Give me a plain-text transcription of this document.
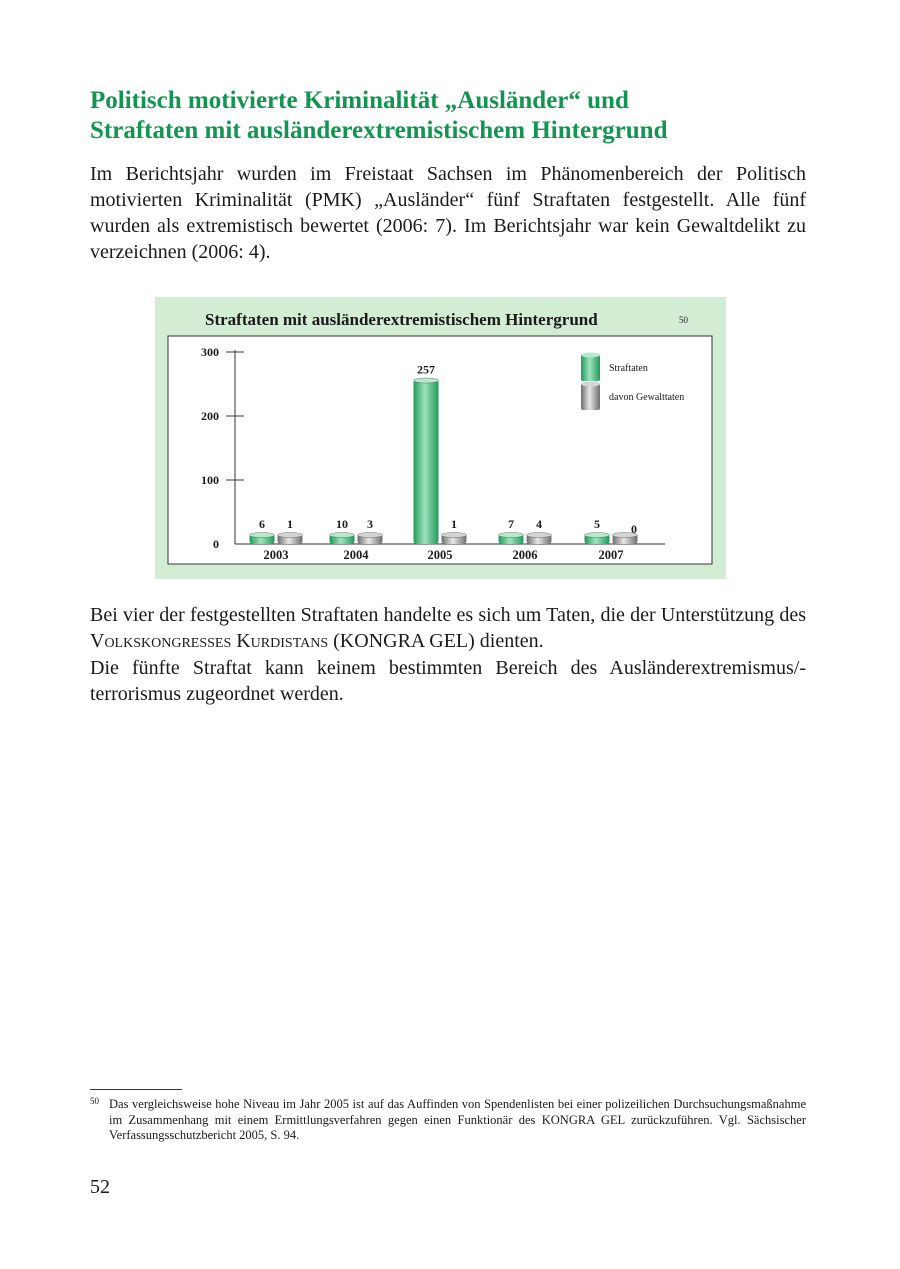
Politisch motivierte Kriminalität „Ausländer“ und
Straftaten mit ausländerextremistischem Hintergrund

Im Berichtsjahr wurden im Freistaat Sachsen im Phänomenbereich der Politisch motivierten Kriminalität (PMK) „Ausländer“ fünf Straftaten festgestellt. Alle fünf wurden als extremistisch bewertet (2006: 7). Im Berichtsjahr war kein Gewaltdelikt zu verzeichnen (2006: 4).

Straftaten mit ausländerextremistischem Hintergrund	50
0
100
200
300
6 1
2003
10 3
2004
257
1
2005
7 4
2006
5	0
2007
Straftaten
davon Gewalttaten

Bei vier der festgestellten Straftaten handelte es sich um Taten, die der Unterstützung des Volkskongresses Kurdistans (KONGRA GEL) dienten.

Die fünfte Straftat kann keinem bestimmten Bereich des Ausländerextremismus/-terrorismus zugeordnet werden.

50 Das vergleichsweise hohe Niveau im Jahr 2005 ist auf das Auffinden von Spendenlisten bei einer polizeilichen Durchsuchungsmaßnahme im Zusammenhang mit einem Ermittlungsverfahren gegen einen Funktionär des KONGRA GEL zurückzuführen. Vgl. Sächsischer Verfassungsschutzbericht 2005, S. 94.
52
